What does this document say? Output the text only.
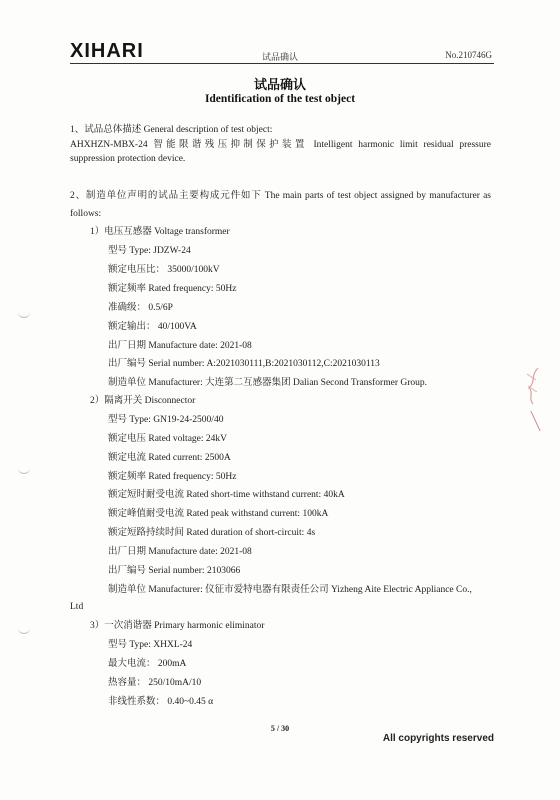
XIHARI	试品确认	No.210746G
试品确认
Identification of the test object
1、试品总体描述 General description of test object:
AHXHZN-MBX-24 智能限谐残压抑制保护装置 Intelligent harmonic limit residual pressure
suppression protection device.
2、制造单位声明的试品主要构成元件如下 The main parts of test object assigned by manufacturer as
follows:
1）电压互感器 Voltage transformer
型号 Type: JDZW-24
额定电压比： 35000/100kV
额定频率 Rated frequency: 50Hz
准确级： 0.5/6P
额定输出： 40/100VA
出厂日期 Manufacture date: 2021-08
出厂编号 Serial number: A:2021030111,B:2021030112,C:2021030113
制造单位 Manufacturer: 大连第二互感器集团 Dalian Second Transformer Group.
2）隔离开关 Disconnector
型号 Type: GN19-24-2500/40
额定电压 Rated voltage: 24kV
额定电流 Rated current: 2500A
额定频率 Rated frequency: 50Hz
额定短时耐受电流 Rated short-time withstand current: 40kA
额定峰值耐受电流 Rated peak withstand current: 100kA
额定短路持续时间 Rated duration of short-circuit: 4s
出厂日期 Manufacture date: 2021-08
出厂编号 Serial number: 2103066
制造单位 Manufacturer: 仪征市爱特电器有限责任公司 Yizheng Aite Electric Appliance Co.,
Ltd
3）一次消谐器 Primary harmonic eliminator
型号 Type: XHXL-24
最大电流： 200mA
热容量： 250/10mA/10
非线性系数： 0.40~0.45 α
5 / 30
All copyrights reserved
